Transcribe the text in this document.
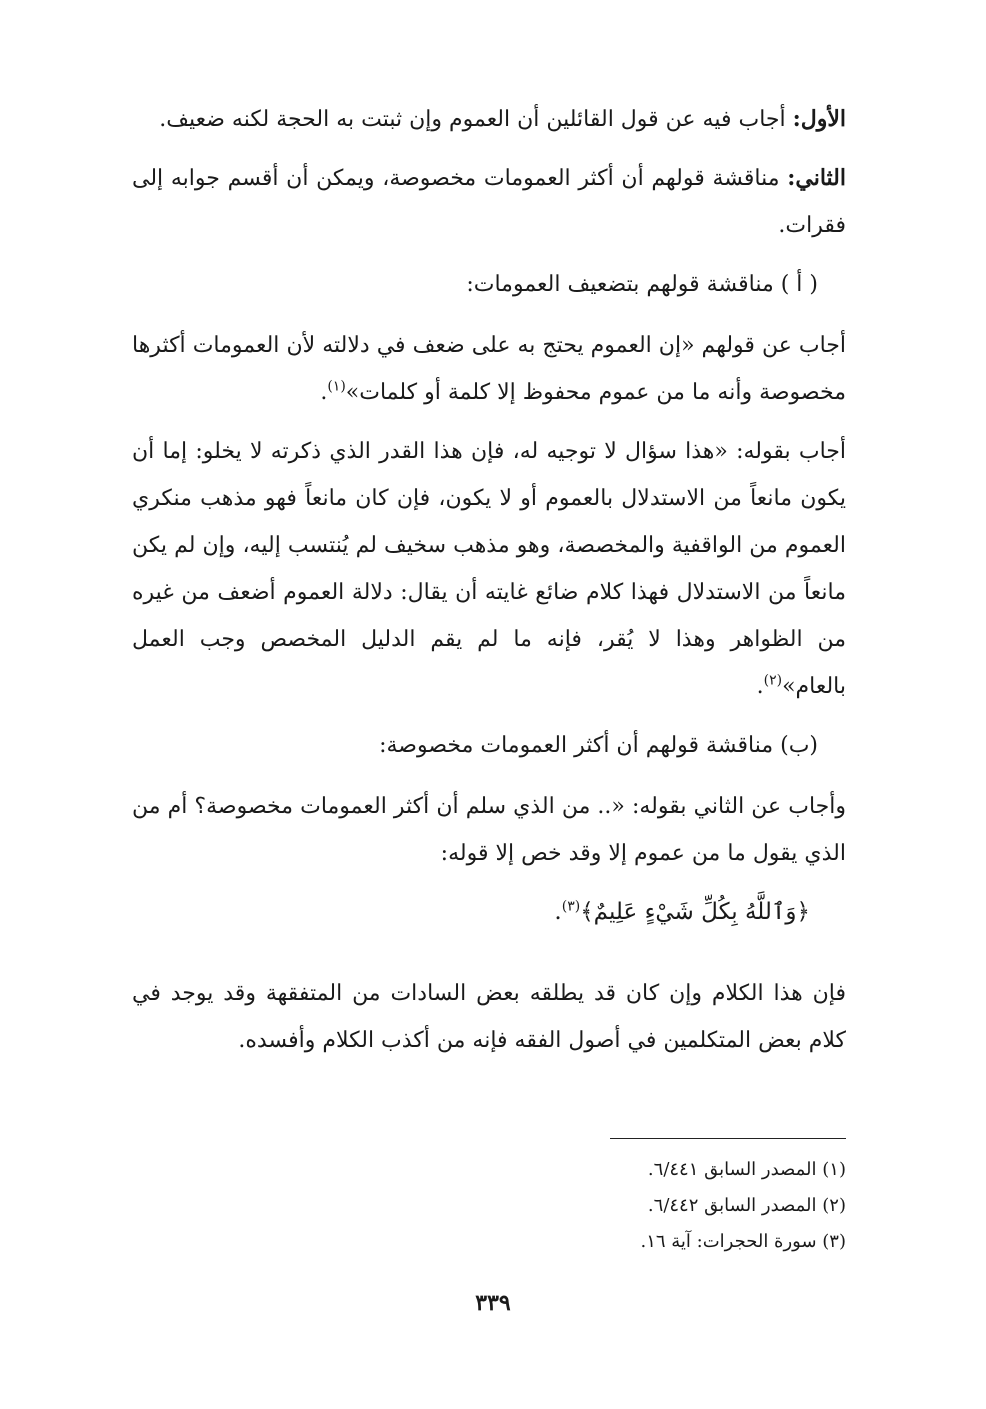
الأول: أجاب فيه عن قول القائلين أن العموم وإن ثبتت به الحجة لكنه ضعيف.

الثاني: مناقشة قولهم أن أكثر العمومات مخصوصة، ويمكن أن أقسم جوابه إلى فقرات.

( أ ) مناقشة قولهم بتضعيف العمومات:

أجاب عن قولهم «إن العموم يحتج به على ضعف في دلالته لأن العمومات أكثرها مخصوصة وأنه ما من عموم محفوظ إلا كلمة أو كلمات»$^{(١)}$.

أجاب بقوله: «هذا سؤال لا توجيه له، فإن هذا القدر الذي ذكرته لا يخلو: إما أن يكون مانعاً من الاستدلال بالعموم أو لا يكون، فإن كان مانعاً فهو مذهب منكري العموم من الواقفية والمخصصة، وهو مذهب سخيف لم يُنتسب إليه، وإن لم يكن مانعاً من الاستدلال فهذا كلام ضائع غايته أن يقال: دلالة العموم أضعف من غيره من الظواهر وهذا لا يُقر، فإنه ما لم يقم الدليل المخصص وجب العمل بالعام»$^{(٢)}$.

(ب) مناقشة قولهم أن أكثر العمومات مخصوصة:

وأجاب عن الثاني بقوله: «.. من الذي سلم أن أكثر العمومات مخصوصة؟ أم من الذي يقول ما من عموم إلا وقد خص إلا قوله:

﴿وَٱللَّهُ بِكُلِّ شَيْءٍ عَلِيمٌ﴾$^{(٣)}$.

فإن هذا الكلام وإن كان قد يطلقه بعض السادات من المتفقهة وقد يوجد في كلام بعض المتكلمين في أصول الفقه فإنه من أكذب الكلام وأفسده.

(١) المصدر السابق ٦/٤٤١.

(٢) المصدر السابق ٦/٤٤٢.

(٣) سورة الحجرات: آية ١٦.

٣٣٩
